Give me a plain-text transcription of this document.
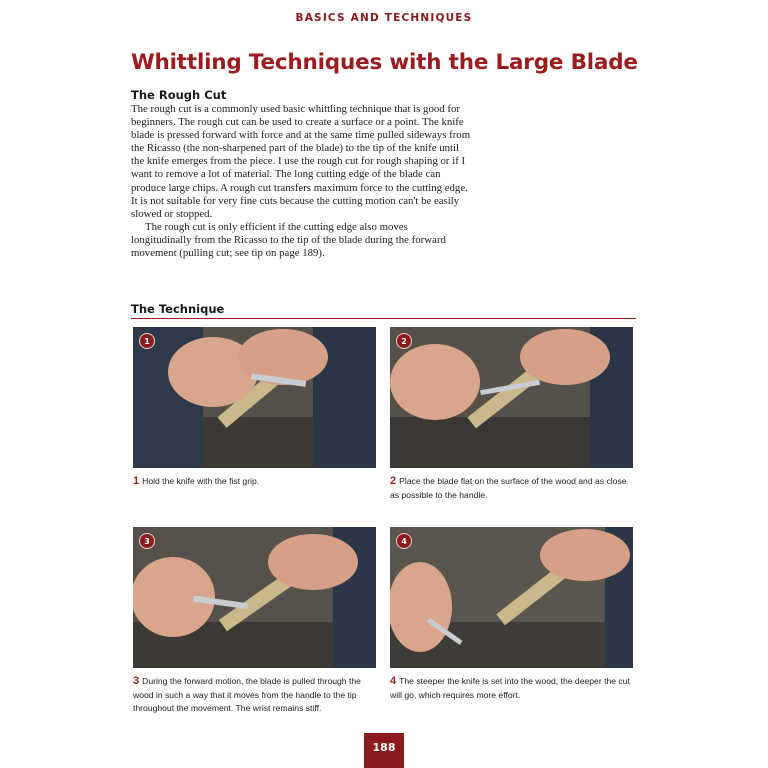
BASICS AND TECHNIQUES
Whittling Techniques with the Large Blade
The Rough Cut

The rough cut is a commonly used basic whittling technique that is good for beginners. The rough cut can be used to create a surface or a point. The knife blade is pressed forward with force and at the same time pulled sideways from the Ricasso (the non-sharpened part of the blade) to the tip of the knife until the knife emerges from the piece. I use the rough cut for rough shaping or if I want to remove a lot of material. The long cutting edge of the blade can produce large chips. A rough cut transfers maximum force to the cutting edge. It is not suitable for very fine cuts because the cutting motion can't be easily slowed or stopped.

The rough cut is only efficient if the cutting edge also moves longitudinally from the Ricasso to the tip of the blade during the forward movement (pulling cut; see tip on page 189).

The Technique
1
1 Hold the knife with the fist grip.
2
2 Place the blade flat on the surface of the wood and as close as possible to the handle.
3
3 During the forward motion, the blade is pulled through the wood in such a way that it moves from the handle to the tip throughout the movement. The wrist remains stiff.
4
4 The steeper the knife is set into the wood, the deeper the cut will go, which requires more effort.
188
